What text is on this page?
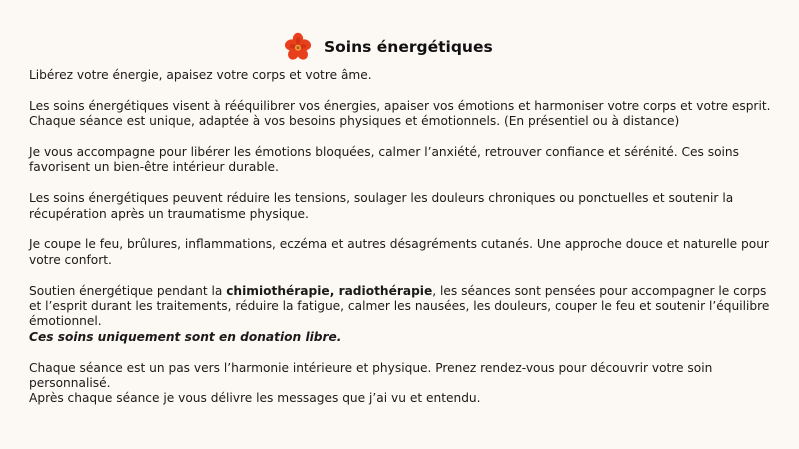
Soins énergétiques

Libérez votre énergie, apaisez votre corps et votre âme.

Les soins énergétiques visent à rééquilibrer vos énergies, apaiser vos émotions et harmoniser votre corps et votre esprit.
Chaque séance est unique, adaptée à vos besoins physiques et émotionnels. (En présentiel ou à distance)

Je vous accompagne pour libérer les émotions bloquées, calmer l’anxiété, retrouver confiance et sérénité. Ces soins favorisent un bien-être intérieur durable.

Les soins énergétiques peuvent réduire les tensions, soulager les douleurs chroniques ou ponctuelles et soutenir la récupération après un traumatisme physique.

Je coupe le feu, brûlures, inflammations, eczéma et autres désagréments cutanés. Une approche douce et naturelle pour votre confort.

Soutien énergétique pendant la chimiothérapie, radiothérapie, les séances sont pensées pour accompagner le corps et l’esprit durant les traitements, réduire la fatigue, calmer les nausées, les douleurs, couper le feu et soutenir l’équilibre émotionnel.
Ces soins uniquement sont en donation libre.

Chaque séance est un pas vers l’harmonie intérieure et physique. Prenez rendez-vous pour découvrir votre soin personnalisé.
Après chaque séance je vous délivre les messages que j’ai vu et entendu.
